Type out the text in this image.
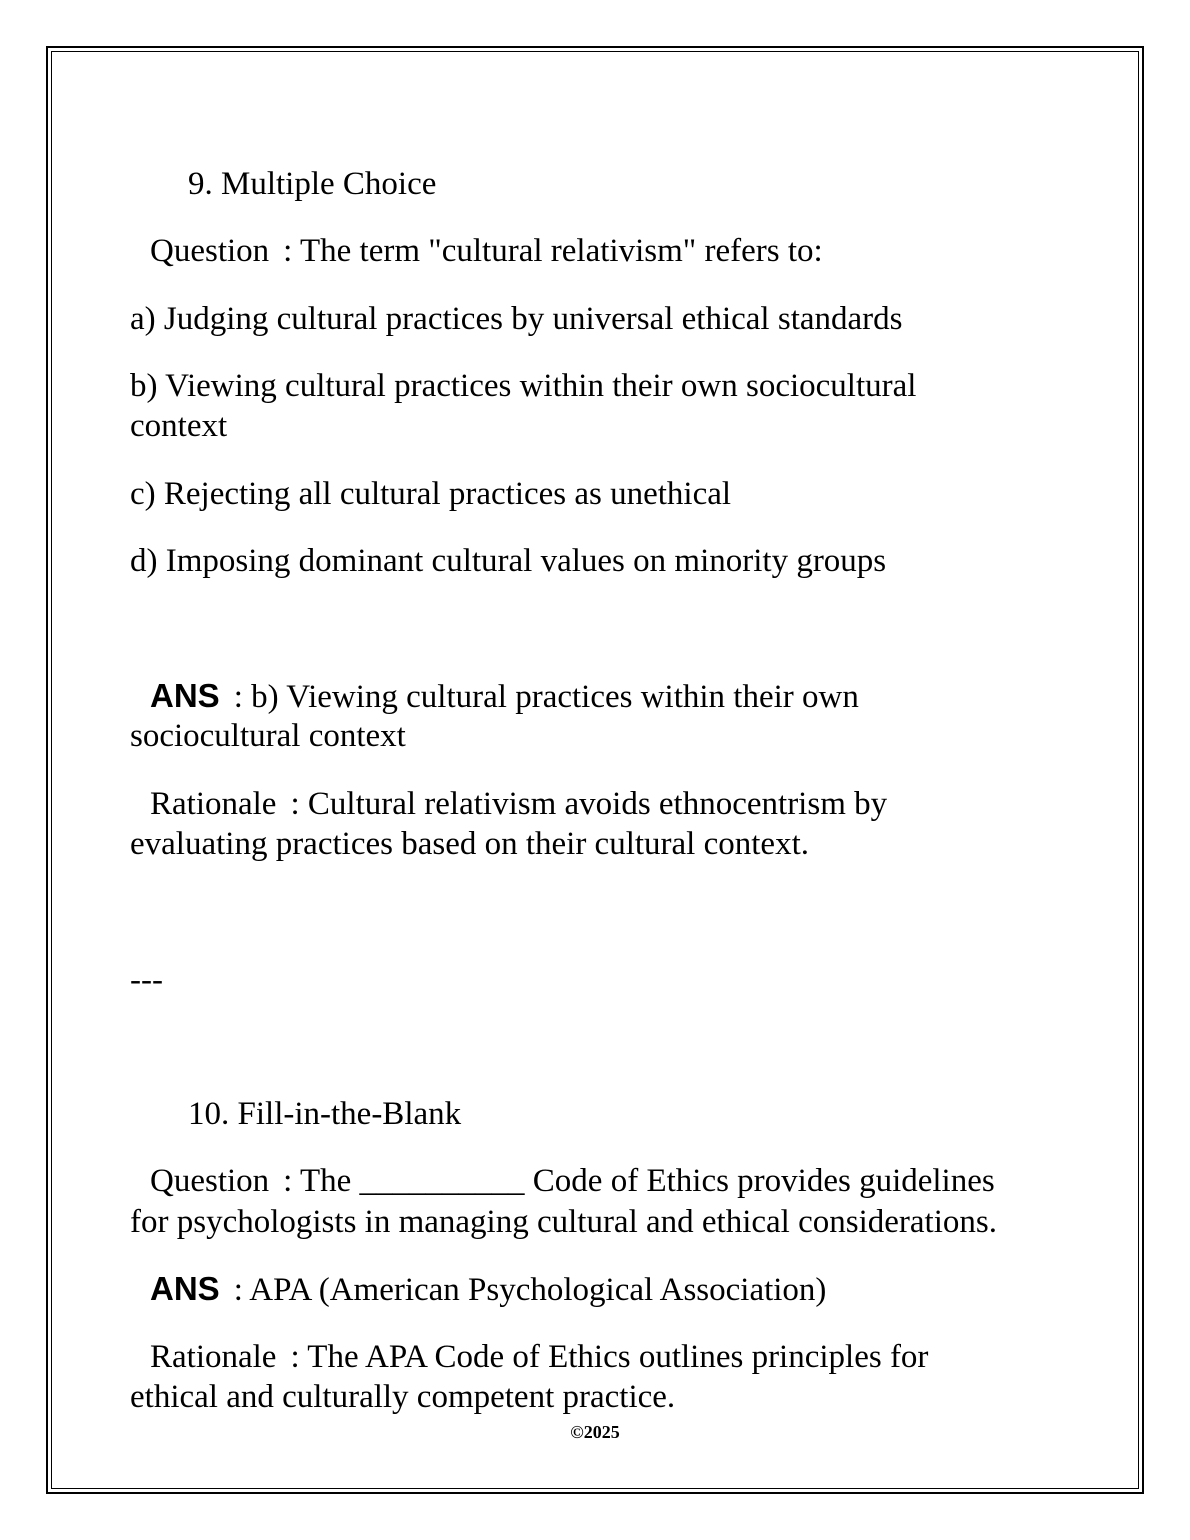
9. Multiple Choice
Question : The term "cultural relativism" refers to:
a) Judging cultural practices by universal ethical standards
b) Viewing cultural practices within their own sociocultural
context
c) Rejecting all cultural practices as unethical
d) Imposing dominant cultural values on minority groups
ANS : b) Viewing cultural practices within their own
sociocultural context
Rationale : Cultural relativism avoids ethnocentrism by
evaluating practices based on their cultural context.
---
10. Fill-in-the-Blank
Question : The __________ Code of Ethics provides guidelines
for psychologists in managing cultural and ethical considerations.
ANS : APA (American Psychological Association)
Rationale : The APA Code of Ethics outlines principles for
ethical and culturally competent practice.
©2025
